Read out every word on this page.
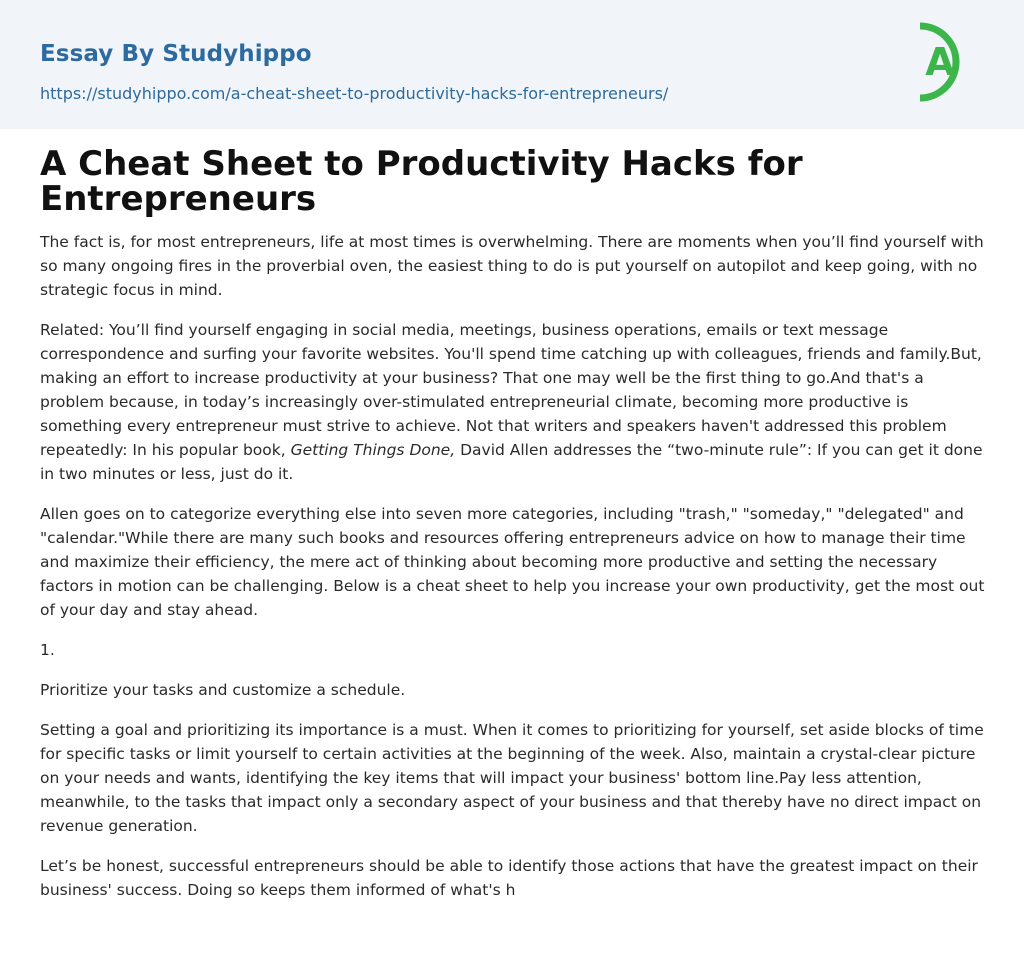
Essay By Studyhippo
https://studyhippo.com/a-cheat-sheet-to-productivity-hacks-for-entrepreneurs/
A
A Cheat Sheet to Productivity Hacks for Entrepreneurs

The fact is, for most entrepreneurs, life at most times is overwhelming. There are moments when you’ll find yourself with so many ongoing fires in the proverbial oven, the easiest thing to do is put yourself on autopilot and keep going, with no strategic focus in mind.

Related: You’ll find yourself engaging in social media, meetings, business operations, emails or text message correspondence and surfing your favorite websites. You'll spend time catching up with colleagues, friends and family.But, making an effort to increase productivity at your business? That one may well be the first thing to go.And that's a problem because, in today’s increasingly over-stimulated entrepreneurial climate, becoming more productive is something every entrepreneur must strive to achieve. Not that writers and speakers haven't addressed this problem repeatedly: In his popular book, Getting Things Done, David Allen addresses the “two-minute rule”: If you can get it done in two minutes or less, just do it.

Allen goes on to categorize everything else into seven more categories, including "trash," "someday," "delegated" and "calendar."While there are many such books and resources offering entrepreneurs advice on how to manage their time and maximize their efficiency, the mere act of thinking about becoming more productive and setting the necessary factors in motion can be challenging. Below is a cheat sheet to help you increase your own productivity, get the most out of your day and stay ahead.

1.

Prioritize your tasks and customize a schedule.

Setting a goal and prioritizing its importance is a must. When it comes to prioritizing for yourself, set aside blocks of time for specific tasks or limit yourself to certain activities at the beginning of the week. Also, maintain a crystal-clear picture on your needs and wants, identifying the key items that will impact your business' bottom line.Pay less attention, meanwhile, to the tasks that impact only a secondary aspect of your business and that thereby have no direct impact on revenue generation.

Let’s be honest, successful entrepreneurs should be able to identify those actions that have the greatest impact on their business' success. Doing so keeps them informed of what's h
